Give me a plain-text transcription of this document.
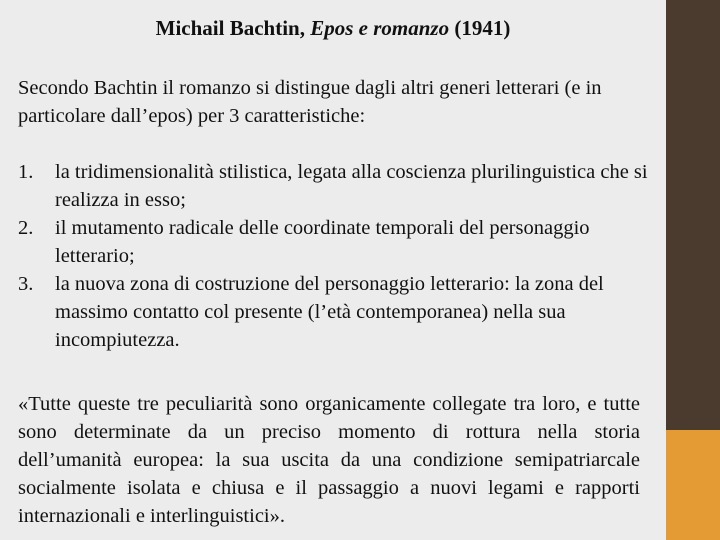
Michail Bachtin, Epos e romanzo (1941)

Secondo Bachtin il romanzo si distingue dagli altri generi letterari (e in particolare dall’epos) per 3 caratteristiche:

1. la tridimensionalità stilistica, legata alla coscienza plurilinguistica che si realizza in esso;
2. il mutamento radicale delle coordinate temporali del personaggio letterario;
3. la nuova zona di costruzione del personaggio letterario: la zona del massimo contatto col presente (l’età contemporanea) nella sua incompiutezza.

«Tutte queste tre peculiarità sono organicamente collegate tra loro, e tutte sono determinate da un preciso momento di rottura nella storia dell’umanità europea: la sua uscita da una condizione semipatriarcale socialmente isolata e chiusa e il passaggio a nuovi legami e rapporti internazionali e interlinguistici».
